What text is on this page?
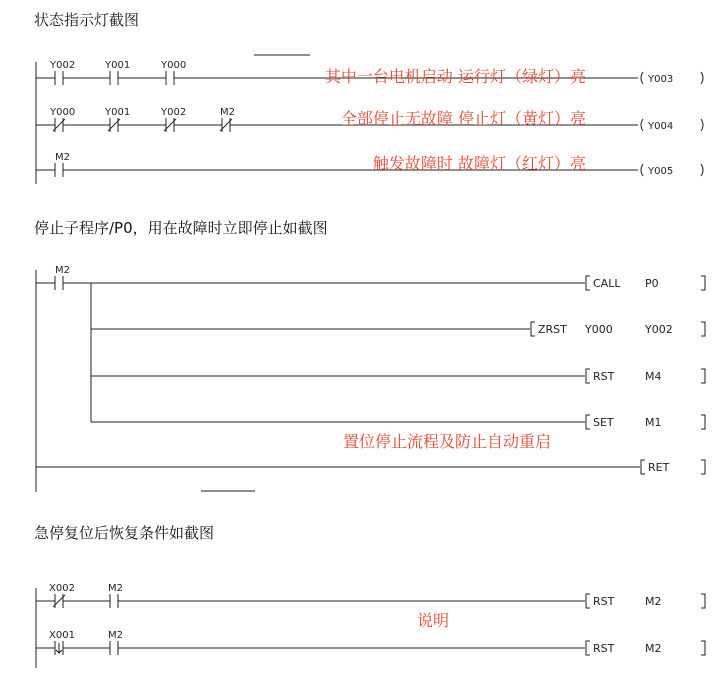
状态指示灯截图
停止子程序/P0，用在故障时立即停止如截图
急停复位后恢复条件如截图
Y002	Y001	Y000
Y003
其中一台电机启动 运行灯（绿灯）亮
Y000	Y001	Y002	M2
Y004
全部停止无故障 停止灯（黄灯）亮
M2
Y005
触发故障时 故障灯（红灯）亮
M2
CALL P0
ZRST Y000	Y002
RST	M4
SET	M1
置位停止流程及防止自动重启
RET
X002	M2
RST	M2
说明
X001	M2
RST	M2
